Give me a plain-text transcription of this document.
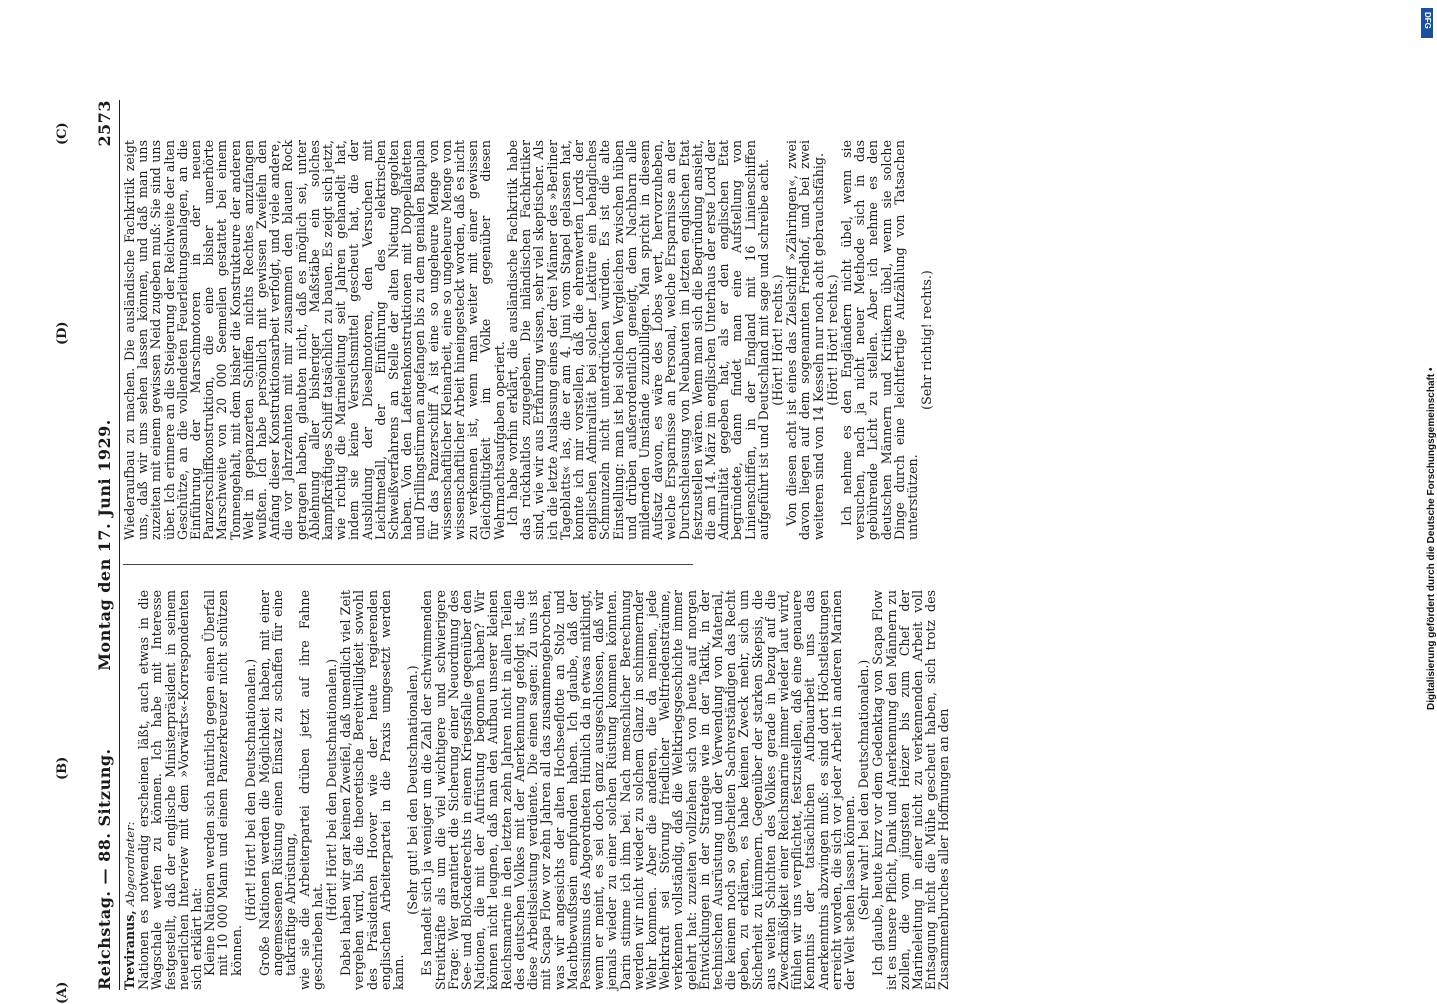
Reichstag. — 88. Sitzung.
Montag den 17. Juni 1929.
2573
(A)
(B)
(C)
(D)

Treviranus, Abgeordneter: Nationen es notwendig erscheinen läßt, auch etwas in die Wagschale werfen zu können. Ich habe mit Interesse festgestellt, daß der englische Ministerpräsident in seinem neuerlichen Interview mit dem »Vorwärts«-Korrespondenten sich erklärt hat:

Kleine Nationen werden sich natürlich gegen einen Überfall mit 10 000 Mann und einem Panzerkreuzer nicht schützen können.

(Hört! Hört! bei den Deutschnationalen.) Große Nationen werden die Möglichkeit haben, mit einer angemessenen Rüstung einen Einsatz zu schaffen für eine tatkräftige Abrüstung,

wie sie die Arbeiterpartei drüben jetzt auf ihre Fahne geschrieben hat.

(Hört! Hört! bei den Deutschnationalen.) Dabei haben wir gar keinen Zweifel, daß unendlich viel Zeit vergehen wird, bis die theoretische Bereitwilligkeit sowohl des Präsidenten Hoover wie der heute regierenden englischen Arbeiterpartei in die Praxis umgesetzt werden kann.

(Sehr gut! bei den Deutschnationalen.) Es handelt sich ja weniger um die Zahl der schwimmenden Streitkräfte als um die viel wichtigere und schwierigere Frage: Wer garantiert die Sicherung einer Neuordnung des See- und Blockaderechts in einem Kriegsfalle gegenüber den Nationen, die mit der Aufrüstung begonnen haben? Wir können nicht leugnen, daß man den Aufbau unserer kleinen Reichsmarine in den letzten zehn Jahren nicht in allen Teilen des deutschen Volkes mit der Anerkennung gefolgt ist, die diese Arbeitsleistung verdiente. Die einen sagen: Zu uns ist mit Scapa Flow vor zehn Jahren all das zusammengebrochen, was wir angesichts der alten Hochseeflotte an Stolz und Machtbewußtsein empfunden haben. Ich glaube, daß der Pessimismus des Abgeordneten Hünlich da in etwas mitklingt, wenn er meint, es sei doch ganz ausgeschlossen, daß wir jemals wieder zu einer solchen Rüstung kommen könnten. Darin stimme ich ihm bei. Nach menschlicher Berechnung werden wir nicht wieder zu solchem Glanz in schimmernder Wehr kommen. Aber die anderen, die da meinen, jede Wehrkraft sei Störung friedlicher Weltfriedensträume, verkennen vollständig, daß die Weltkriegsgeschichte immer gelehrt hat: zuzeiten vollziehen sich von heute auf morgen Entwicklungen in der Strategie wie in der Taktik, in der technischen Ausrüstung und der Verwendung von Material, die keinem noch so gescheiten Sachverständigen das Recht geben, zu erklären, es habe keinen Zweck mehr, sich um Sicherheit zu kümmern. Gegenüber der starken Skepsis, die aus weiten Schichten des Volkes gerade in bezug auf die Zweckmäßigkeit einer Reichsmarine immer wieder laut wird, fühlen wir uns verpflichtet, festzustellen, daß eine genauere Kenntnis der tatsächlichen Aufbauarbeit uns das Anerkenntnis abzwingen muß: es sind dort Höchstleistungen erreicht worden, die sich vor jeder Arbeit in anderen Marinen der Welt sehen lassen können. (Sehr wahr! bei den Deutschnationalen.) Ich glaube, heute kurz vor dem Gedenktag von Scapa Flow ist es unsere Pflicht, Dank und Anerkennung den Männern zu zollen, die vom jüngsten Heizer bis zum Chef der Marineleitung in einer nicht zu verkennenden Arbeit voll Entsagung nicht die Mühe gescheut haben, sich trotz des Zusammenbruches aller Hoffnungen an den

Wiederaufbau zu machen. Die ausländische Fachkritik zeigt uns, daß wir uns sehen lassen können, und daß man uns zuzeiten mit einem gewissen Neid zugeben muß: Sie sind uns über. Ich erinnere an die Steigerung der Reichweite der alten Geschütze, an die vollendeten Feuerleitungsanlagen, an die Einführung der Marschmotoren in der neuen Panzerschiffkonstruktion, die eine bisher unerhörte Marschweite von 20 000 Seemeilen gestattet bei einem Tonnengehalt, mit dem bisher die Konstrukteure der anderen Welt in gepanzerten Schiffen nichts Rechtes anzufangen wußten. Ich habe persönlich mit gewissen Zweifeln den Anfang dieser Konstruktionsarbeit verfolgt, und viele andere, die vor Jahrzehnten mit mir zusammen den blauen Rock getragen haben, glaubten nicht, daß es möglich sei, unter Ablehnung aller bisheriger Maßstäbe ein solches kampfkräftiges Schiff tatsächlich zu bauen. Es zeigt sich jetzt, wie richtig die Marineleitung seit Jahren gehandelt hat, indem sie keine Versuchsmittel gescheut hat, die der Ausbildung der Dieselmotoren, den Versuchen mit Leichtmetall, der Einführung des elektrischen Schweißverfahrens an Stelle der alten Nietung gegolten haben. Von den Lafettenkonstruktionen mit Doppellafetten und Drillingstürmen angefangen bis zu dem genialen Bauplan für das Panzerschiff A ist eine so ungeheure Menge von wissenschaftlicher Kleinarbeit, eine so ungeheure Menge von wissenschaftlicher Arbeit hineingesteckt worden, daß es nicht zu verkennen ist, wenn man weiter mit einer gewissen Gleichgültigkeit im Volke gegenüber diesen Wehrmachtsaufgaben operiert.

Ich habe vorhin erklärt, die ausländische Fachkritik habe das rückhaltlos zugegeben. Die inländischen Fachkritiker sind, wie wir aus Erfahrung wissen, sehr viel skeptischer. Als ich die letzte Auslassung eines der drei Männer des »Berliner Tageblatts« las, die er am 4. Juni vom Stapel gelassen hat, konnte ich mir vorstellen, daß die ehrenwerten Lords der englischen Admiralität bei solcher Lektüre ein behagliches Schmunzeln nicht unterdrücken würden. Es ist die alte Einstellung: man ist bei solchen Vergleichen zwischen hüben und drüben außerordentlich geneigt, dem Nachbarn alle mildernden Umstände zuzubilligen. Man spricht in diesem Aufsatz davon, es wäre des Lobes wert, hervorzuheben, welche Ersparnisse an Personal, welche Ersparnisse an der Durchschleusung von Neubauten im letzten englischen Etat festzustellen wären. Wenn man sich die Begründung ansieht, die am 14. März im englischen Unterhaus der erste Lord der Admiralität gegeben hat, als er den englischen Etat begründete, dann findet man eine Aufstellung von Linienschiffen, in der England mit 16 Linienschiffen aufgeführt ist und Deutschland mit sage und schreibe acht. (Hört! Hört! rechts.) Von diesen acht ist eines das Zielschiff »Zähringen«, zwei davon liegen auf dem sogenannten Friedhof, und bei zwei weiteren sind von 14 Kesseln nur noch acht gebrauchsfähig. (Hört! Hört! rechts.) Ich nehme es den Engländern nicht übel, wenn sie versuchen, nach ja nicht neuer Methode sich in das gebührende Licht zu stellen. Aber ich nehme es den deutschen Männern und Kritikern übel, wenn sie solche Dinge durch eine leichtfertige Aufzählung von Tatsachen unterstützen.

(Sehr richtig! rechts.)

Digitalisierung gefördert durch die Deutsche Forschungsgemeinschaft •
DFG
